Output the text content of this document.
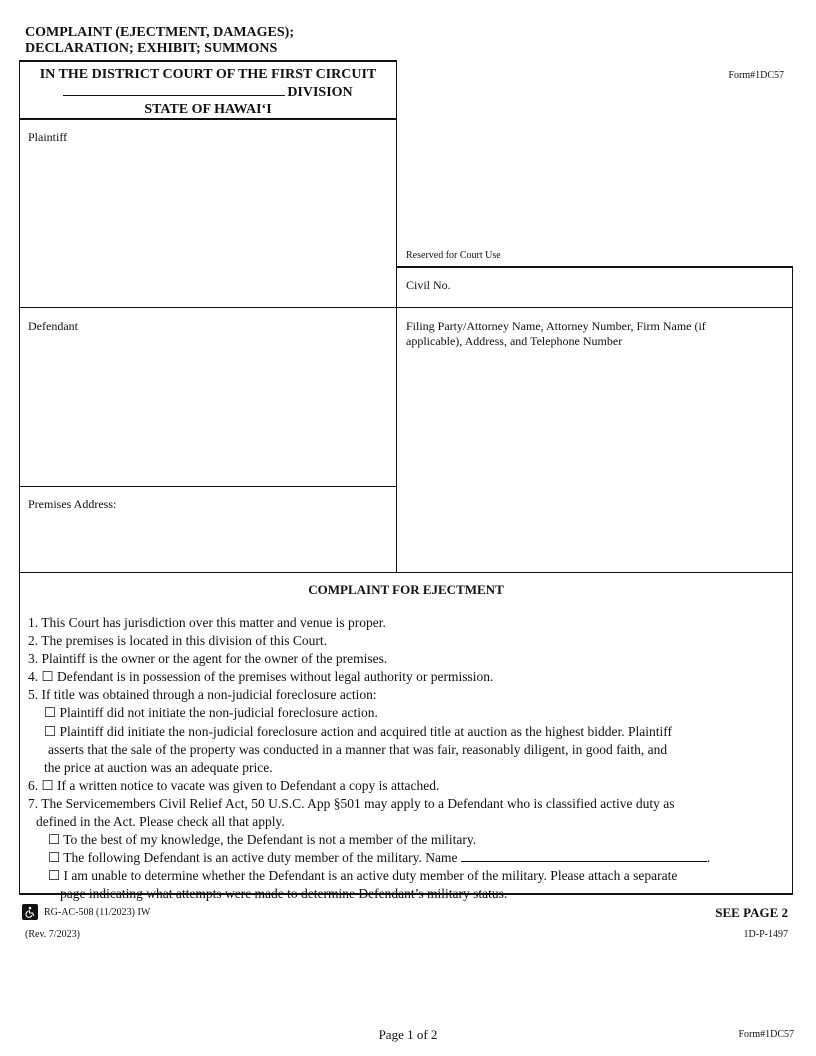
COMPLAINT (EJECTMENT, DAMAGES);
DECLARATION; EXHIBIT; SUMMONS
IN THE DISTRICT COURT OF THE FIRST CIRCUIT
DIVISION
STATE OF HAWAIʻI
Form#1DC57
Plaintiff
Reserved for Court Use
Civil No.
Defendant	Filing Party/Attorney Name, Attorney Number, Firm Name (if
applicable), Address, and Telephone Number
Premises Address:
COMPLAINT FOR EJECTMENT
1. This Court has jurisdiction over this matter and venue is proper.
2. The premises is located in this division of this Court.
3. Plaintiff is the owner or the agent for the owner of the premises.
4. ☐ Defendant is in possession of the premises without legal authority or permission.
5. If title was obtained through a non-judicial foreclosure action:
☐ Plaintiff did not initiate the non-judicial foreclosure action.
☐ Plaintiff did initiate the non-judicial foreclosure action and acquired title at auction as the highest bidder. Plaintiff
asserts that the sale of the property was conducted in a manner that was fair, reasonably diligent, in good faith, and
the price at auction was an adequate price.
6. ☐ If a written notice to vacate was given to Defendant a copy is attached.
7. The Servicemembers Civil Relief Act, 50 U.S.C. App §501 may apply to a Defendant who is classified active duty as
defined in the Act. Please check all that apply.
☐ To the best of my knowledge, the Defendant is not a member of the military.
☐ The following Defendant is an active duty member of the military. Name	.
☐ I am unable to determine whether the Defendant is an active duty member of the military. Please attach a separate
page indicating what attempts were made to determine Defendant’s military status.
RG-AC-508 (11/2023) IW	SEE PAGE 2
(Rev. 7/2023)	1D-P-1497
Page 1 of 2	Form#1DC57
